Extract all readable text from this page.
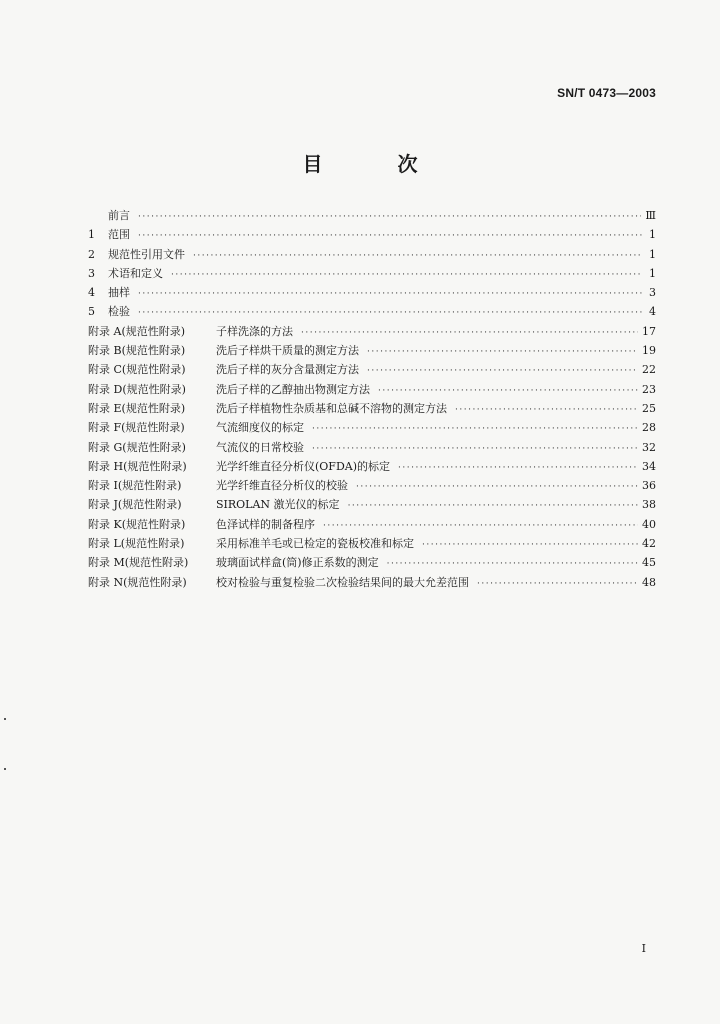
SN/T 0473—2003
目 次
前言 ·····	Ⅲ
1 范围 ·····	1
2 规范性引用文件 ·····	1
3 术语和定义 ·····	1
4 抽样 ·····	3
5 检验 ·····	4
附录 A(规范性附录)	子样洗涤的方法 ·····	17
附录 B(规范性附录)	洗后子样烘干质量的测定方法 ·····	19
附录 C(规范性附录)	洗后子样的灰分含量测定方法 ·····	22
附录 D(规范性附录)	洗后子样的乙醇抽出物测定方法 ·····	23
附录 E(规范性附录)	洗后子样植物性杂质基和总碱不溶物的测定方法 ·····	25
附录 F(规范性附录)	气流细度仪的标定 ·····	28
附录 G(规范性附录)	气流仪的日常校验 ·····	32
附录 H(规范性附录)	光学纤维直径分析仪(OFDA)的标定 ·····	34
附录 I(规范性附录)	光学纤维直径分析仪的校验 ·····	36
附录 J(规范性附录)	SIROLAN 激光仪的标定 ·····	38
附录 K(规范性附录)	色泽试样的制备程序 ·····	40
附录 L(规范性附录)	采用标准羊毛或已检定的瓷板校准和标定 ·····	42
附录 M(规范性附录)	玻璃面试样盒(筒)修正系数的测定 ·····	45
附录 N(规范性附录)	校对检验与重复检验二次检验结果间的最大允差范围 ·····	48
I
